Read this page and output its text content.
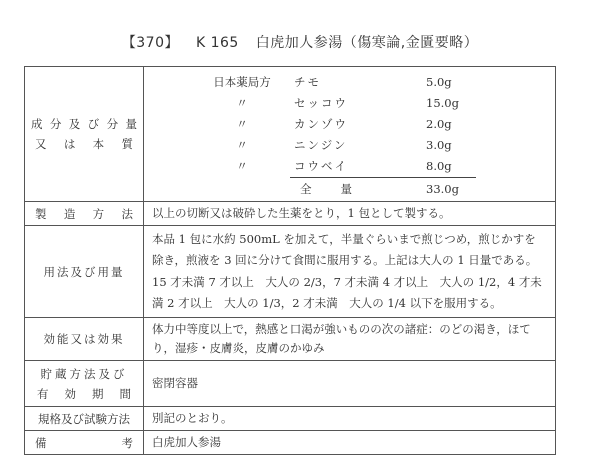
【370】 K 165 白虎加人参湯（傷寒論,金匱要略）
成 分 及 び 分 量
又 は 本 質

日本薬局方	チモ	5.0g
〃	セッコウ	15.0g
〃	カンゾウ	2.0g
〃	ニンジン	3.0g
〃	コウベイ	8.0g
全　　量	33.0g

製 造 方 法	以上の切断又は破砕した生薬をとり，1 包として製する。
用法及び用量	本品 1 包に水約 500mL を加えて，半量ぐらいまで煎じつめ，煎じかすを除き，煎液を 3 回に分けて食間に服用する。上記は大人の 1 日量である。15 才未満 7 才以上　大人の 2/3，7 才未満 4 才以上　大人の 1/2，4 才未満 2 才以上　大人の 1/3，2 才未満　大人の 1/4 以下を服用する。
効能又は効果	体力中等度以上で，熱感と口渇が強いものの次の諸症：のどの渇き，ほてり，湿疹・皮膚炎，皮膚のかゆみ

貯蔵方法及び
有 効 期 間	密閉容器
規格及び試験方法	別記のとおり。

備 考	白虎加人参湯
